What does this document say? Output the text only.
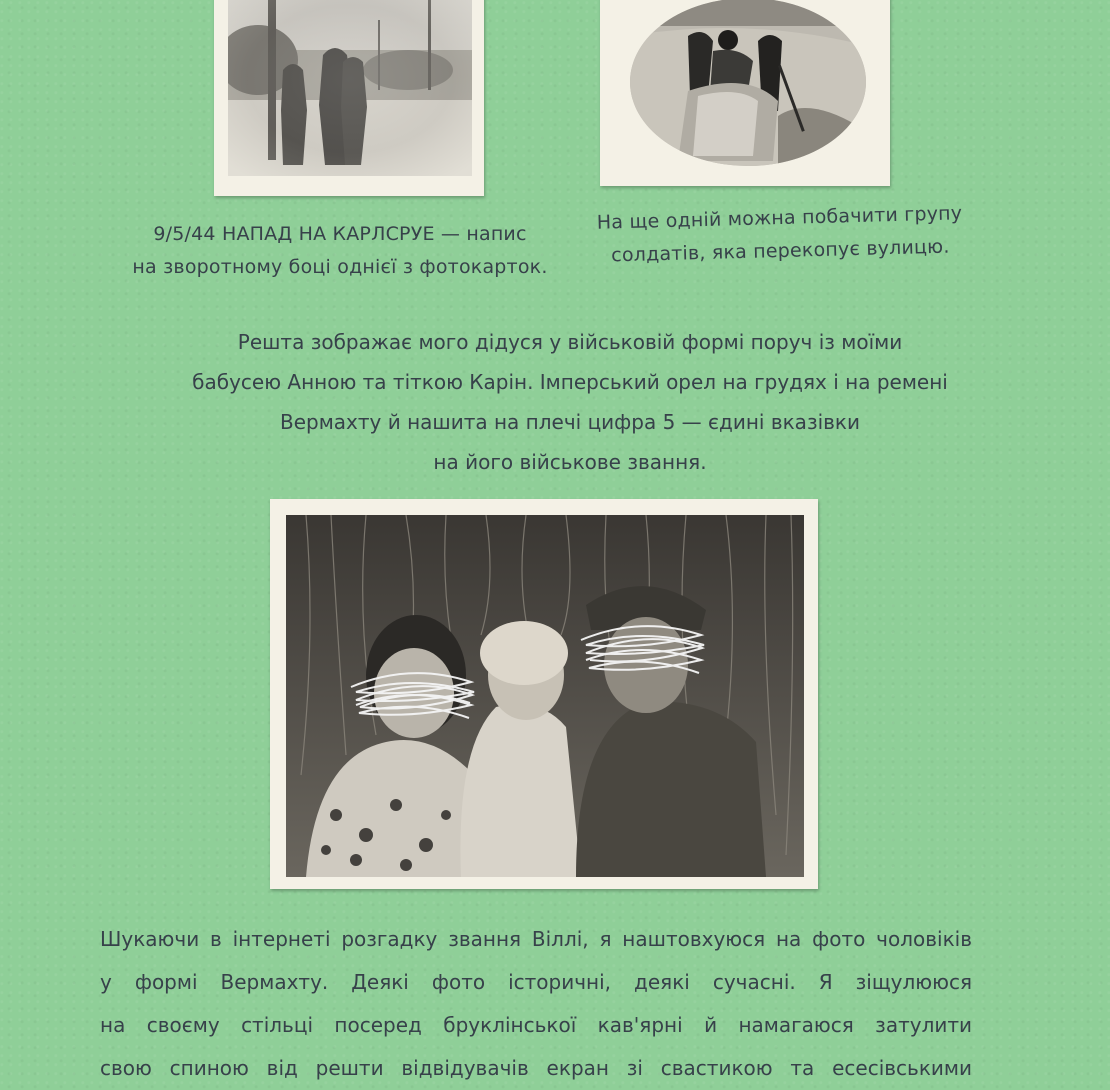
9/5/44 НАПАД НА КАРЛСРУЕ — напис
на зворотному боці однієї з фотокарток.
На ще одній можна побачити групу
солдатів, яка перекопує вулицю.
Решта зображає мого дідуся у військовій формі поруч із моїми
бабусею Анною та тіткою Карін. Імперський орел на грудях і на ремені
Вермахту й нашита на плечі цифра 5 — єдині вказівки
на його військове звання.
Шукаючи в інтернеті розгадку звання Віллі, я наштовхуюся на фото чоловіків
у формі Вермахту. Деякі фото історичні, деякі сучасні. Я зіщулююся
на своєму стільці посеред бруклінської кав'ярні й намагаюся затулити
свою спиною від решти відвідувачів екран зі свастикою та есесівськими
